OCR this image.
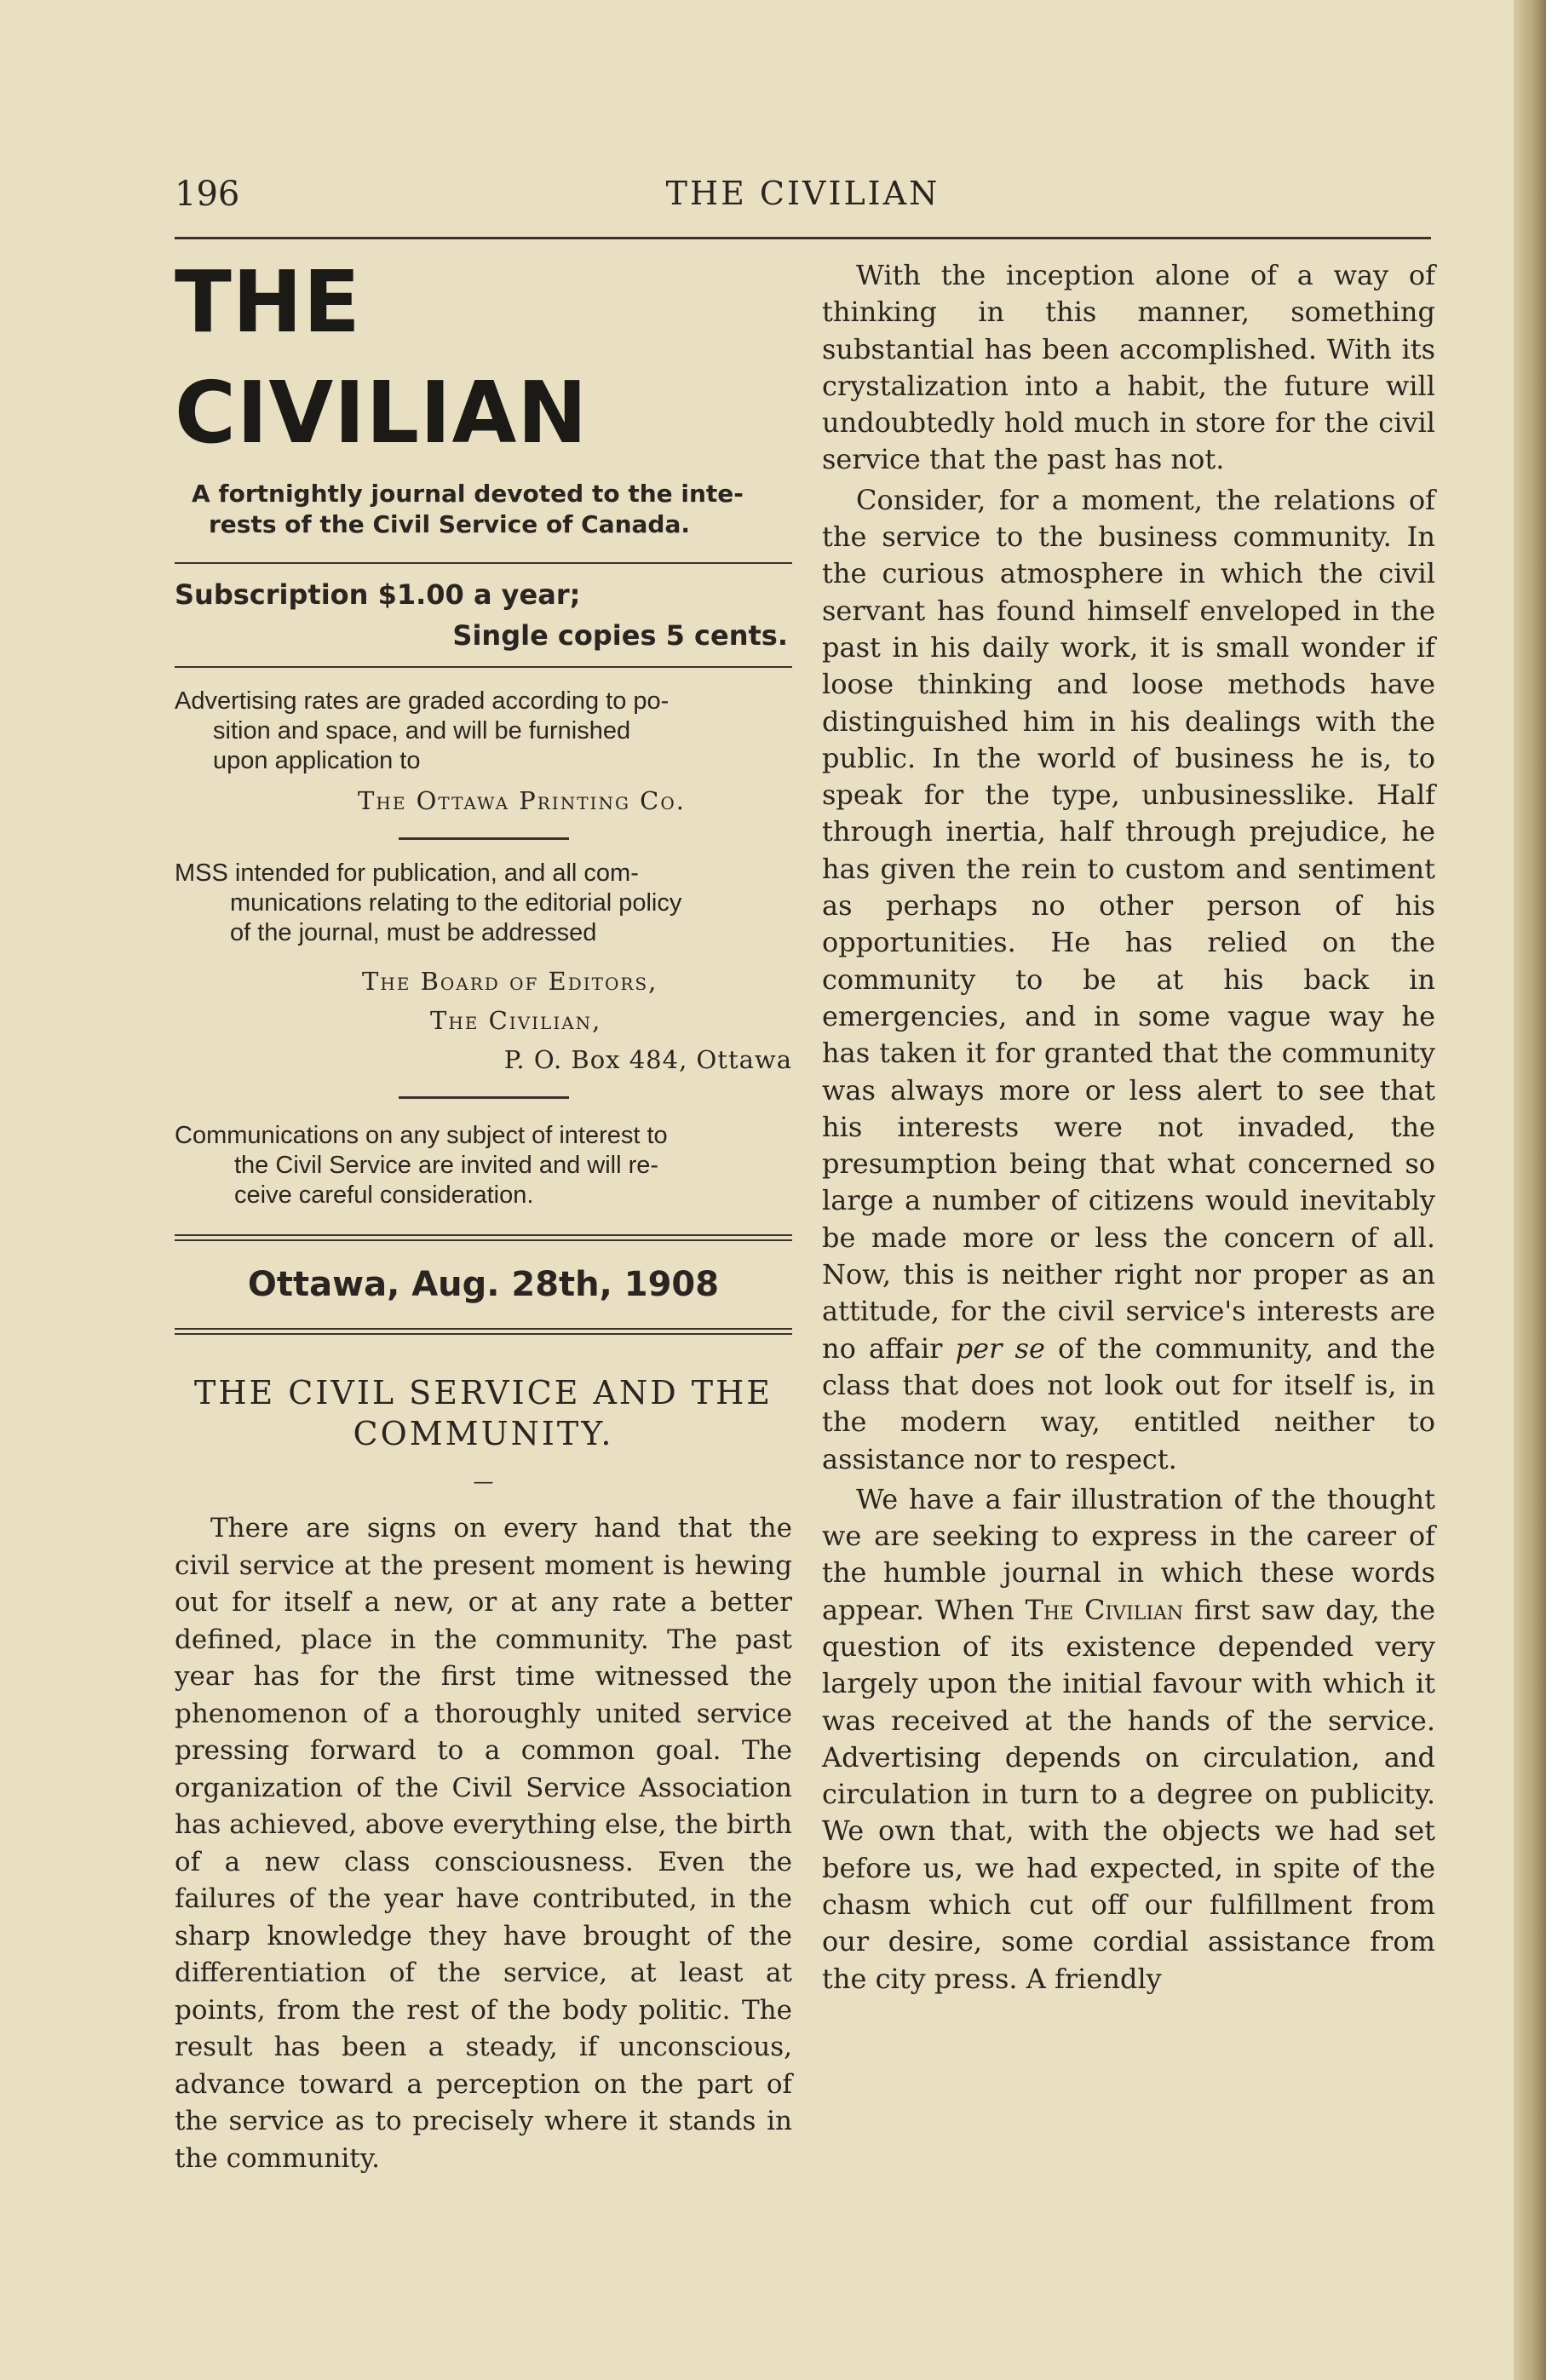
196	THE CIVILIAN
THE CIVILIAN
A fortnightly journal devoted to the inte-
rests of the Civil Service of Canada.
Subscription $1.00 a year;
Single copies 5 cents.
Advertising rates are graded according to po-
sition and space, and will be furnished
upon application to
The Ottawa Printing Co.
MSS intended for publication, and all com-
munications relating to the editorial policy
of the journal, must be addressed
The Board of Editors,
The Civilian,
P. O. Box 484, Ottawa
Communications on any subject of interest to
the Civil Service are invited and will re-
ceive careful consideration.
Ottawa, Aug. 28th, 1908
THE CIVIL SERVICE AND THE
COMMUNITY.
—

There are signs on every hand that the civil service at the present moment is hewing out for itself a new, or at any rate a better defined, place in the community. The past year has for the first time witnessed the phenomenon of a thoroughly united service pressing forward to a common goal. The organization of the Civil Service Association has achieved, above everything else, the birth of a new class consciousness. Even the failures of the year have contributed, in the sharp knowledge they have brought of the differentiation of the service, at least at points, from the rest of the body politic. The result has been a steady, if unconscious, advance toward a perception on the part of the service as to precisely where it stands in the community.

With the inception alone of a way of thinking in this manner, something substantial has been accomplished. With its crystalization into a habit, the future will undoubtedly hold much in store for the civil service that the past has not.

Consider, for a moment, the relations of the service to the business community. In the curious atmosphere in which the civil servant has found himself enveloped in the past in his daily work, it is small wonder if loose thinking and loose methods have distinguished him in his dealings with the public. In the world of business he is, to speak for the type, unbusinesslike. Half through inertia, half through prejudice, he has given the rein to custom and sentiment as perhaps no other person of his opportunities. He has relied on the community to be at his back in emergencies, and in some vague way he has taken it for granted that the community was always more or less alert to see that his interests were not invaded, the presumption being that what concerned so large a number of citizens would inevitably be made more or less the concern of all. Now, this is neither right nor proper as an attitude, for the civil service's interests are no affair per se of the community, and the class that does not look out for itself is, in the modern way, entitled neither to assistance nor to respect.

We have a fair illustration of the thought we are seeking to express in the career of the humble journal in which these words appear. When The Civilian first saw day, the question of its existence depended very largely upon the initial favour with which it was received at the hands of the service. Advertising depends on circulation, and circulation in turn to a degree on publicity. We own that, with the objects we had set before us, we had expected, in spite of the chasm which cut off our fulfillment from our desire, some cordial assistance from the city press. A friendly
